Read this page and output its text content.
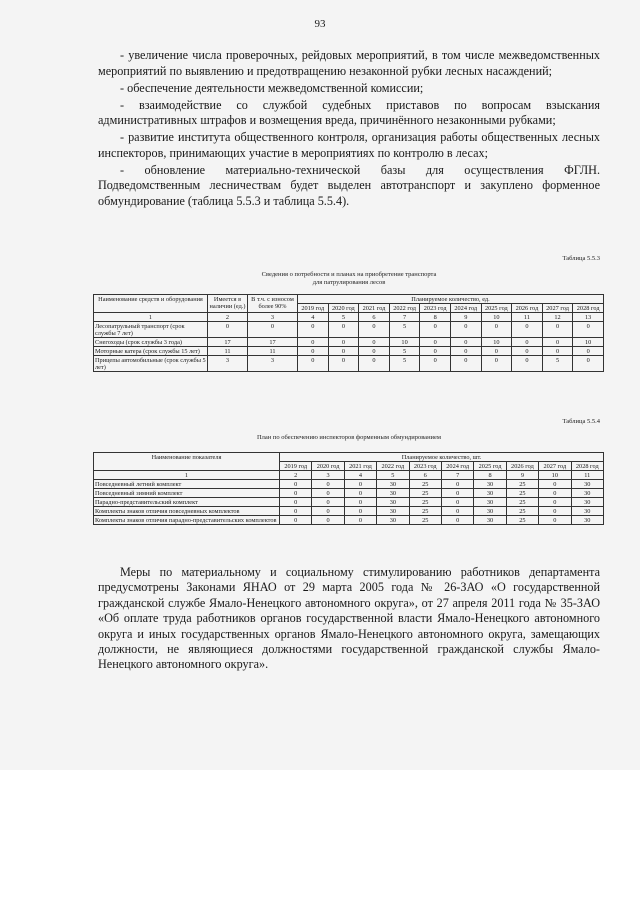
93

- увеличение числа проверочных, рейдовых мероприятий, в том числе межведомственных мероприятий по выявлению и предотвращению незаконной рубки лесных насаждений;

- обеспечение деятельности межведомственной комиссии;

- взаимодействие со службой судебных приставов по вопросам взыскания административных штрафов и возмещения вреда, причинённого незаконными рубками;

- развитие института общественного контроля, организация работы общественных лесных инспекторов, принимающих участие в мероприятиях по контролю в лесах;

- обновление материально-технической базы для осуществления ФГЛН. Подведомственным лесничествам будет выделен автотранспорт и закуплено форменное обмундирование (таблица 5.5.3 и таблица 5.5.4).

Таблица 5.5.3
Сведения о потребности и планах на приобретение транспорта
для патрулирования лесов
Наименование средств и оборудования	Имеется в наличии (ед.)	В т.ч. с износом более 90%	Планируемое количество, ед.									
			2019 год	2020 год	2021 год	2022 год	2023 год	2024 год	2025 год	2026 год	2027 год	2028 год
1	2	3	4	5	6	7	8	9	10	11	12	13
Лесопатрульный транспорт (срок службы 7 лет)	0	0	0	0	0	5	0	0	0	0	0	0
Снегоходы (срок службы 3 года)	17	17	0	0	0	10	0	0	10	0	0	10
Моторные катера (срок службы 15 лет)	11	11	0	0	0	5	0	0	0	0	0	0
Прицепы автомобильные (срок службы 5 лет)	3	3	0	0	0	5	0	0	0	0	5	0
Таблица 5.5.4
План по обеспечению инспекторов форменным обмундированием
Наименование показателя	Планируемое количество, шт.									
	2019 год	2020 год	2021 год	2022 год	2023 год	2024 год	2025 год	2026 год	2027 год	2028 год
1	2	3	4	5	6	7	8	9	10	11
Повседневный летний комплект	0	0	0	30	25	0	30	25	0	30
Повседневный зимний комплект	0	0	0	30	25	0	30	25	0	30
Парадно-представительский комплект	0	0	0	30	25	0	30	25	0	30
Комплекты знаков отличия повседневных комплектов	0	0	0	30	25	0	30	25	0	30
Комплекты знаков отличия парадно-представительских комплектов	0	0	0	30	25	0	30	25	0	30

Меры по материальному и социальному стимулированию работников департамента предусмотрены Законами ЯНАО от 29 марта 2005 года № 26-ЗАО «О государственной гражданской службе Ямало-Ненецкого автономного округа», от 27 апреля 2011 года № 35-ЗАО «Об оплате труда работников органов государственной власти Ямало-Ненецкого автономного округа и иных государственных органов Ямало-Ненецкого автономного округа, замещающих должности, не являющиеся должностями государственной гражданской службы Ямало-Ненецкого автономного округа».
